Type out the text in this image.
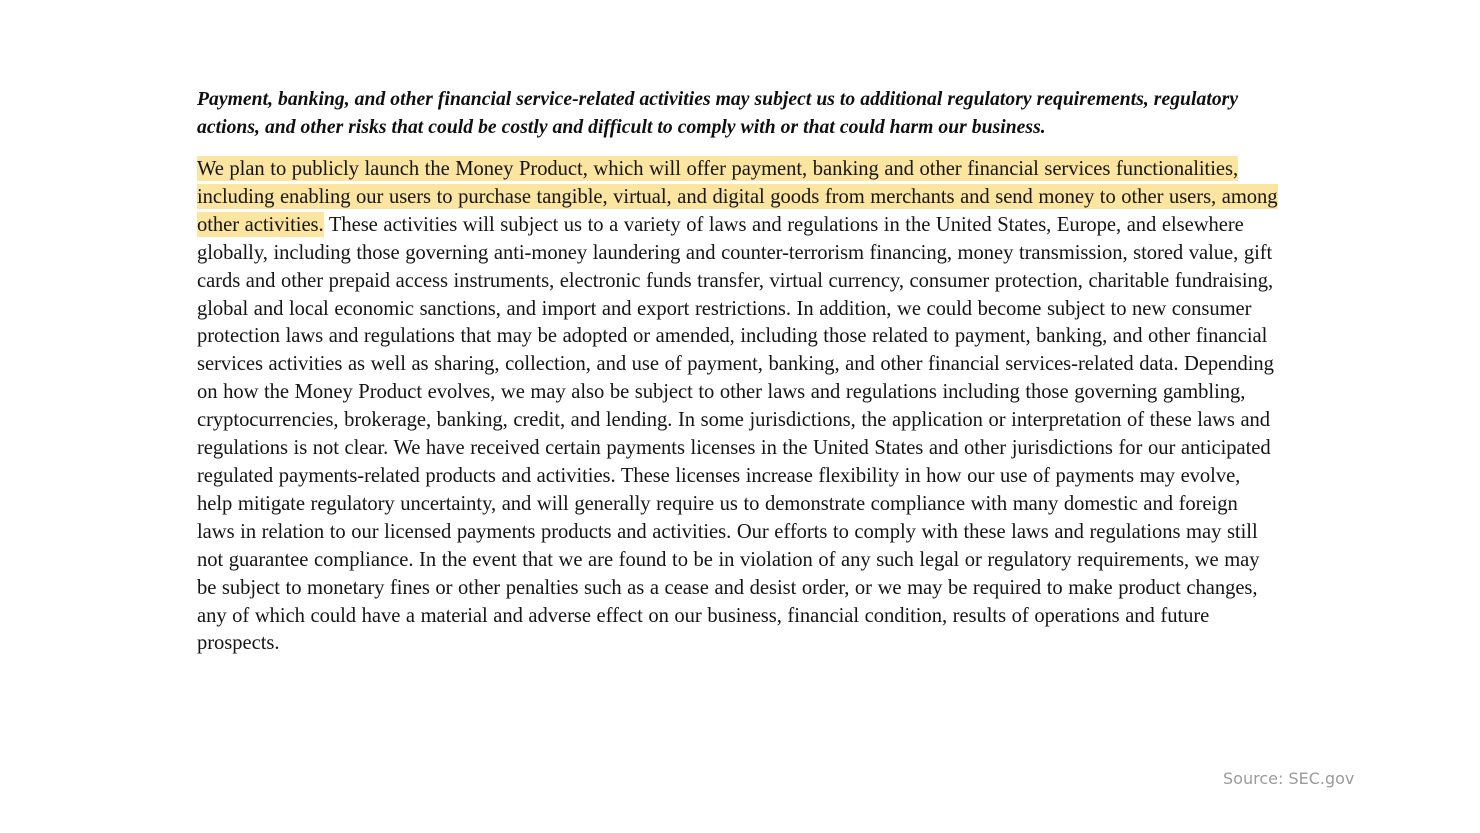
Payment, banking, and other financial service-related activities may subject us to additional regulatory requirements, regulatory actions, and other risks that could be costly and difficult to comply with or that could harm our business.

We plan to publicly launch the Money Product, which will offer payment, banking and other financial services functionalities, including enabling our users to purchase tangible, virtual, and digital goods from merchants and send money to other users, among other activities. These activities will subject us to a variety of laws and regulations in the United States, Europe, and elsewhere globally, including those governing anti-money laundering and counter-terrorism financing, money transmission, stored value, gift cards and other prepaid access instruments, electronic funds transfer, virtual currency, consumer protection, charitable fundraising, global and local economic sanctions, and import and export restrictions. In addition, we could become subject to new consumer protection laws and regulations that may be adopted or amended, including those related to payment, banking, and other financial services activities as well as sharing, collection, and use of payment, banking, and other financial services-related data. Depending on how the Money Product evolves, we may also be subject to other laws and regulations including those governing gambling, cryptocurrencies, brokerage, banking, credit, and lending. In some jurisdictions, the application or interpretation of these laws and regulations is not clear. We have received certain payments licenses in the United States and other jurisdictions for our anticipated regulated payments-related products and activities. These licenses increase flexibility in how our use of payments may evolve, help mitigate regulatory uncertainty, and will generally require us to demonstrate compliance with many domestic and foreign laws in relation to our licensed payments products and activities. Our efforts to comply with these laws and regulations may still not guarantee compliance. In the event that we are found to be in violation of any such legal or regulatory requirements, we may be subject to monetary fines or other penalties such as a cease and desist order, or we may be required to make product changes, any of which could have a material and adverse effect on our business, financial condition, results of operations and future prospects.

Source: SEC.gov
